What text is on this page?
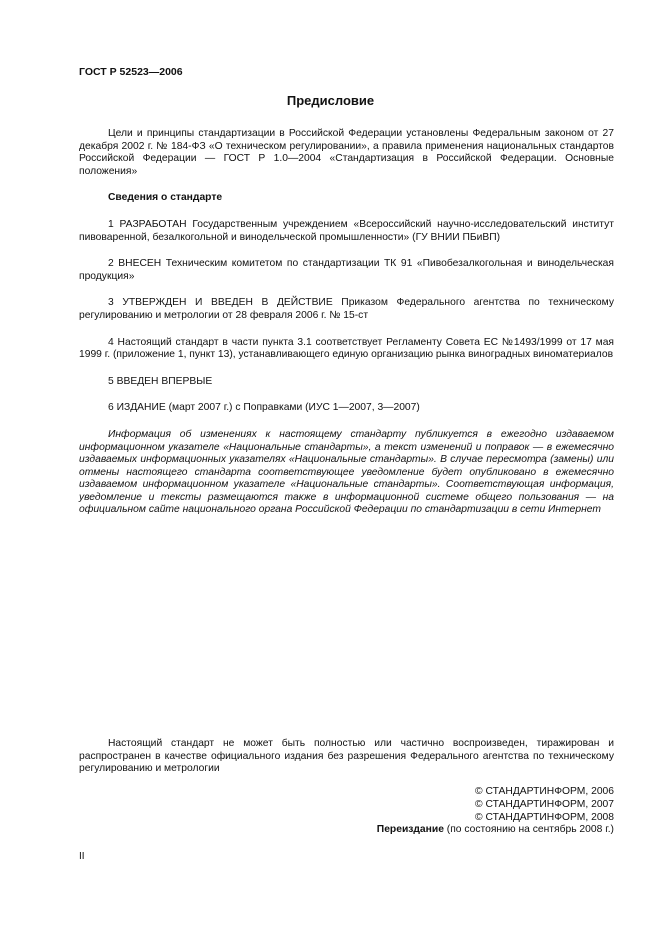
ГОСТ Р 52523—2006
Предисловие

Цели и принципы стандартизации в Российской Федерации установлены Федеральным законом от 27 декабря 2002 г. № 184-ФЗ «О техническом регулировании», а правила применения национальных стандартов Российской Федерации — ГОСТ Р 1.0—2004 «Стандартизация в Российской Федерации. Основные положения»

Сведения о стандарте

1 РАЗРАБОТАН Государственным учреждением «Всероссийский научно-исследовательский институт пивоваренной, безалкогольной и винодельческой промышленности» (ГУ ВНИИ ПБиВП)

2 ВНЕСЕН Техническим комитетом по стандартизации ТК 91 «Пивобезалкогольная и винодельческая продукция»

3 УТВЕРЖДЕН И ВВЕДЕН В ДЕЙСТВИЕ Приказом Федерального агентства по техническому регулированию и метрологии от 28 февраля 2006 г. № 15-ст

4 Настоящий стандарт в части пункта 3.1 соответствует Регламенту Совета ЕС №1493/1999 от 17 мая 1999 г. (приложение 1, пункт 13), устанавливающего единую организацию рынка виноградных виноматериалов

5 ВВЕДЕН ВПЕРВЫЕ

6 ИЗДАНИЕ (март 2007 г.) с Поправками (ИУС 1—2007, 3—2007)

Информация об изменениях к настоящему стандарту публикуется в ежегодно издаваемом информационном указателе «Национальные стандарты», а текст изменений и поправок — в ежемесячно издаваемых информационных указателях «Национальные стандарты». В случае пересмотра (замены) или отмены настоящего стандарта соответствующее уведомление будет опубликовано в ежемесячно издаваемом информационном указателе «Национальные стандарты». Соответствующая информация, уведомление и тексты размещаются также в информационной системе общего пользования — на официальном сайте национального органа Российской Федерации по стандартизации в сети Интернет

Настоящий стандарт не может быть полностью или частично воспроизведен, тиражирован и распространен в качестве официального издания без разрешения Федерального агентства по техническому регулированию и метрологии

© СТАНДАРТИНФОРМ, 2006
© СТАНДАРТИНФОРМ, 2007
© СТАНДАРТИНФОРМ, 2008
Переиздание (по состоянию на сентябрь 2008 г.)
II
